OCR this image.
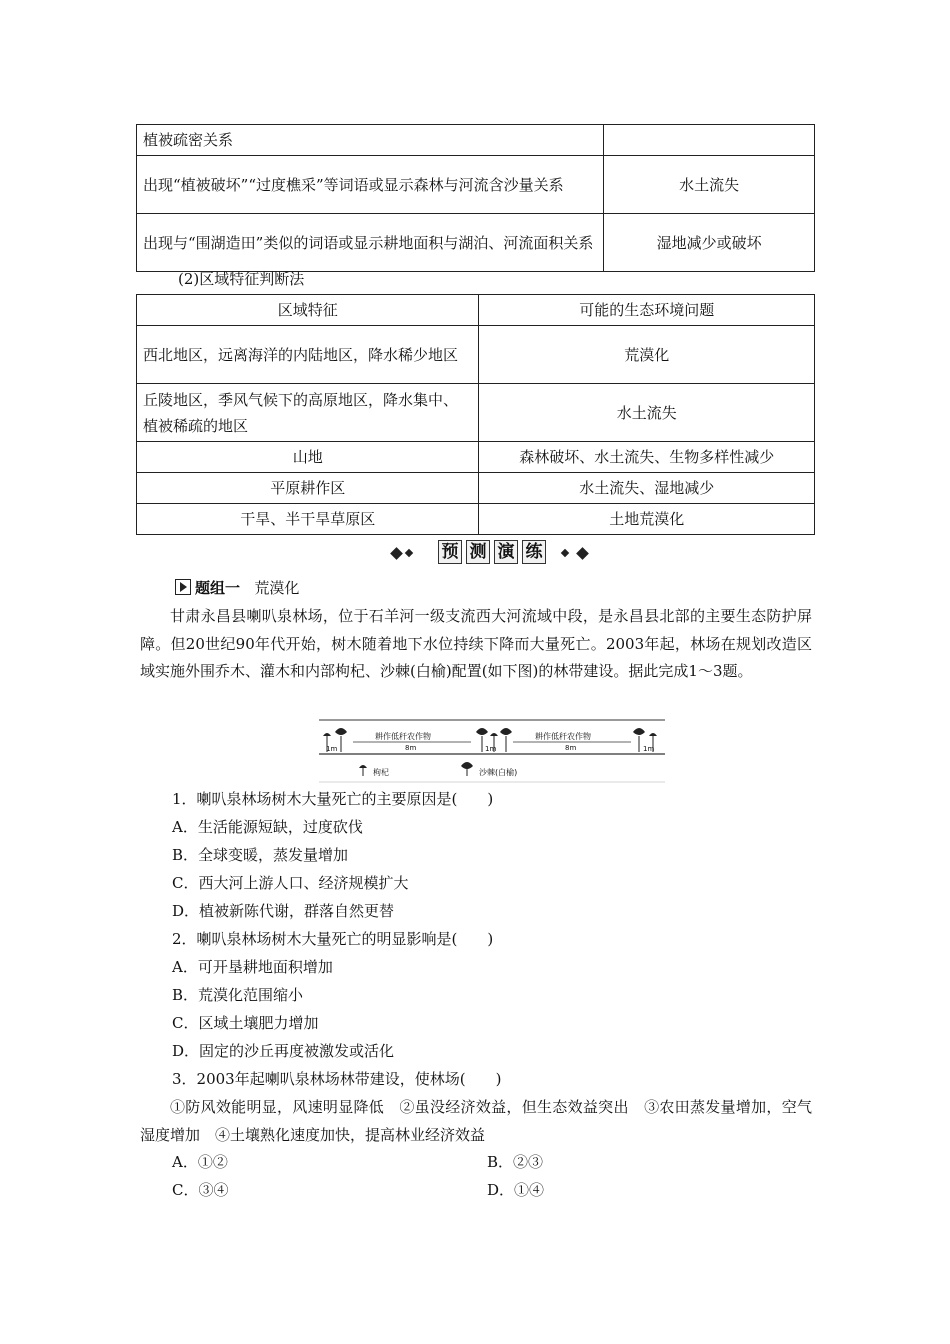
植被疏密关系	
出现“植被破坏”“过度樵采”等词语或显示森林与河流含沙量关系	水土流失
出现与“围湖造田”类似的词语或显示耕地面积与湖泊、河流面积关系	湿地减少或破坏
(2)区域特征判断法
区域特征	可能的生态环境问题
西北地区，远离海洋的内陆地区，降水稀少地区	荒漠化
丘陵地区，季风气候下的高原地区，降水集中、植被稀疏的地区	水土流失
山地	森林破坏、水土流失、生物多样性减少
平原耕作区	水土流失、湿地减少
干旱、半干旱草原区	土地荒漠化
预 测 演 练
题组一 荒漠化
甘肃永昌县喇叭泉林场，位于石羊河一级支流西大河流域中段，是永昌县北部的主要生态防护屏障。但20世纪90年代开始，树木随着地下水位持续下降而大量死亡。2003年起，林场在规划改造区域实施外围乔木、灌木和内部枸杞、沙棘(白榆)配置(如下图)的林带建设。据此完成1～3题。
耕作低秆农作物	耕作低秆农作物
8m	8m
1m	1m	1m
枸杞	沙棘(白榆)
1．喇叭泉林场树木大量死亡的主要原因是(　　)
A．生活能源短缺，过度砍伐
B．全球变暖，蒸发量增加
C．西大河上游人口、经济规模扩大
D．植被新陈代谢，群落自然更替
2．喇叭泉林场树木大量死亡的明显影响是(　　)
A．可开垦耕地面积增加
B．荒漠化范围缩小
C．区域土壤肥力增加
D．固定的沙丘再度被激发或活化
3．2003年起喇叭泉林场林带建设，使林场(　　)
①防风效能明显，风速明显降低　②虽没经济效益，但生态效益突出　③农田蒸发量增加，空气湿度增加　④土壤熟化速度加快，提高林业经济效益
A．①②	B．②③
C．③④	D．①④
